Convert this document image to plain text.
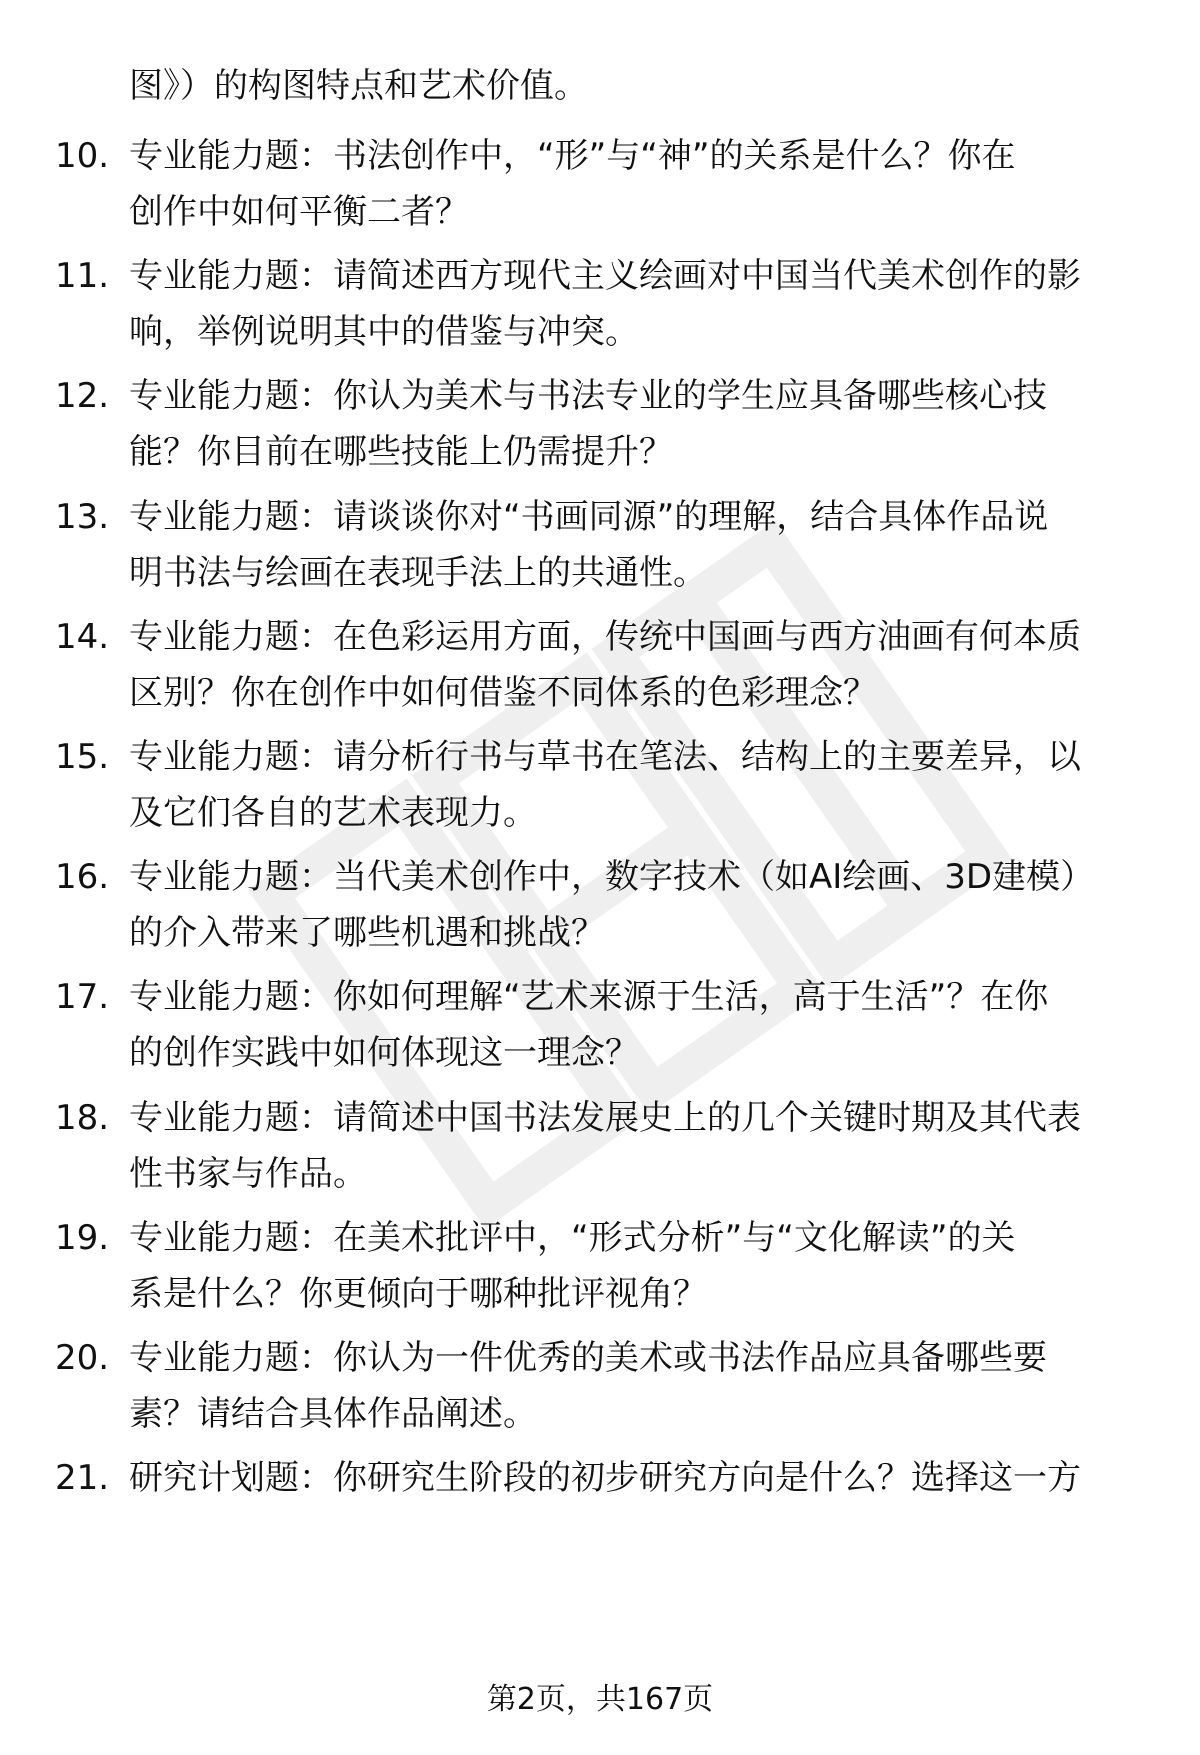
图》）的构图特点和艺术价值。
10. 专业能力题：书法创作中，“形”与“神”的关系是什么？你在
创作中如何平衡二者？
11. 专业能力题：请简述西方现代主义绘画对中国当代美术创作的影
响，举例说明其中的借鉴与冲突。
12. 专业能力题：你认为美术与书法专业的学生应具备哪些核心技
能？你目前在哪些技能上仍需提升？
13. 专业能力题：请谈谈你对“书画同源”的理解，结合具体作品说
明书法与绘画在表现手法上的共通性。
14. 专业能力题：在色彩运用方面，传统中国画与西方油画有何本质
区别？你在创作中如何借鉴不同体系的色彩理念？
15. 专业能力题：请分析行书与草书在笔法、结构上的主要差异，以
及它们各自的艺术表现力。
16. 专业能力题：当代美术创作中，数字技术（如AI绘画、3D建模）
的介入带来了哪些机遇和挑战？
17. 专业能力题：你如何理解“艺术来源于生活，高于生活”？在你
的创作实践中如何体现这一理念？
18. 专业能力题：请简述中国书法发展史上的几个关键时期及其代表
性书家与作品。
19. 专业能力题：在美术批评中，“形式分析”与“文化解读”的关
系是什么？你更倾向于哪种批评视角？
20. 专业能力题：你认为一件优秀的美术或书法作品应具备哪些要
素？请结合具体作品阐述。
21. 研究计划题：你研究生阶段的初步研究方向是什么？选择这一方
第2页，共167页
